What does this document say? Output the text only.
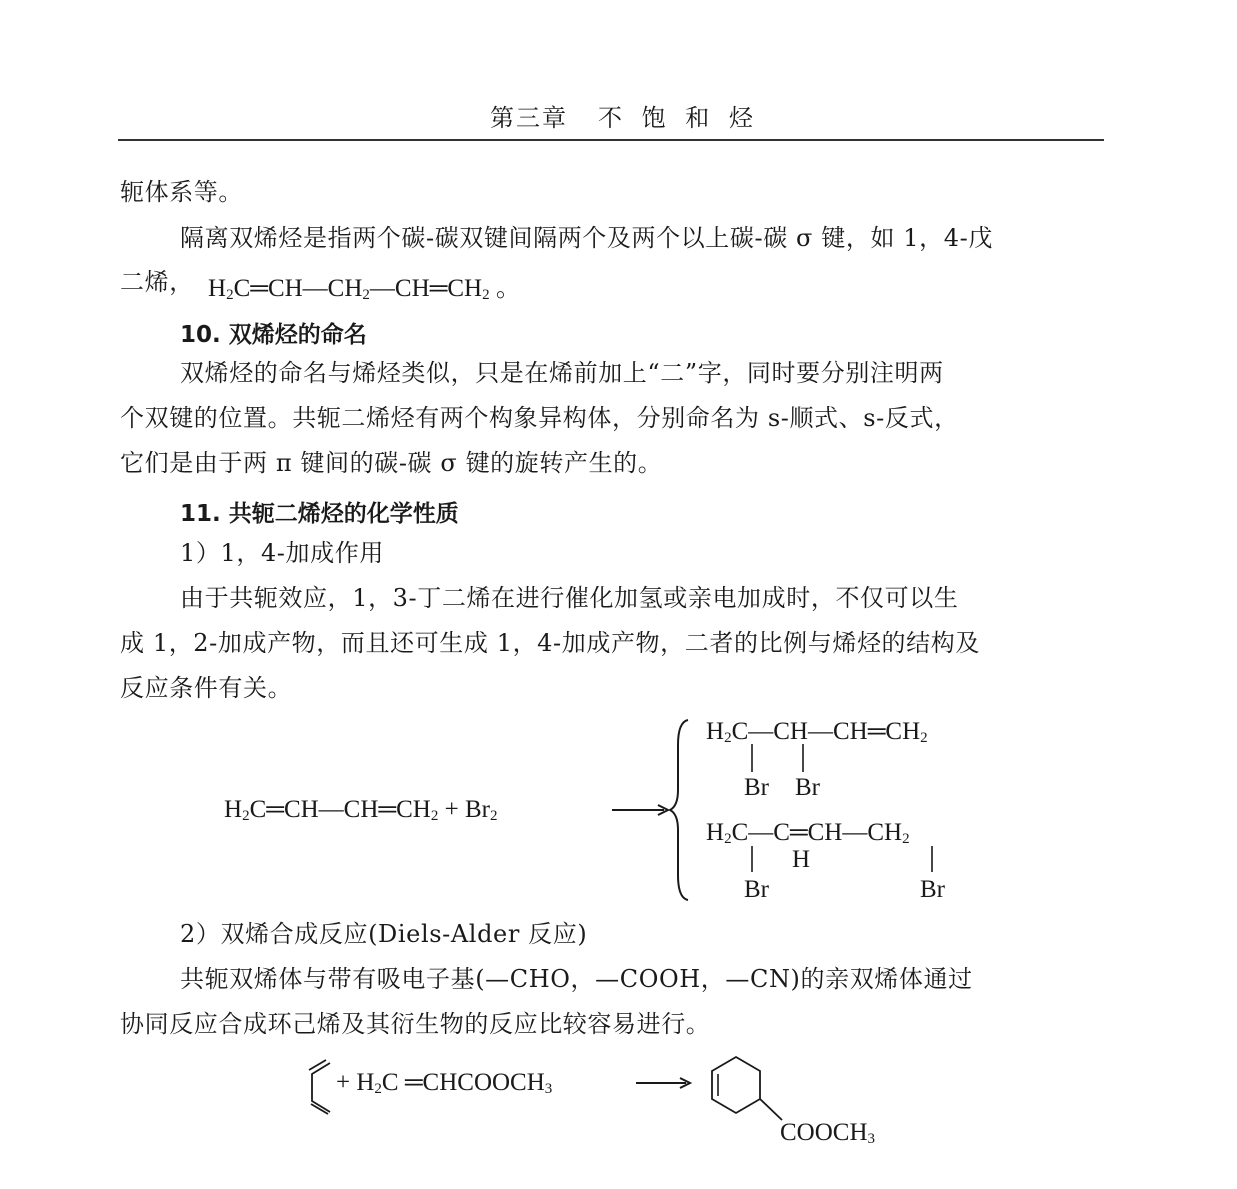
第三章 不 饱 和 烃
轭体系等。
隔离双烯烃是指两个碳-碳双键间隔两个及两个以上碳-碳 σ 键，如 1，4-戊
二烯， $H_2C═CH—CH_2—CH═CH_2$ 。
10. 双烯烃的命名
双烯烃的命名与烯烃类似，只是在烯前加上“二”字，同时要分别注明两
个双键的位置。共轭二烯烃有两个构象异构体，分别命名为 s-顺式、s-反式，
它们是由于两 π 键间的碳-碳 σ 键的旋转产生的。
11. 共轭二烯烃的化学性质
1）1，4-加成作用
由于共轭效应，1，3-丁二烯在进行催化加氢或亲电加成时，不仅可以生
成 1，2-加成产物，而且还可生成 1，4-加成产物，二者的比例与烯烃的结构及
反应条件有关。
$H_2C═CH—CH═CH_2 + Br_2$
$H_2C—CH—CH═CH_2$
Br Br
$H_2C—C═CH—CH_2$
H
Br	Br
2）双烯合成反应(Diels-Alder 反应)
共轭双烯体与带有吸电子基(—CHO，—COOH，—CN)的亲双烯体通过
协同反应合成环己烯及其衍生物的反应比较容易进行。
+ $H_2C$ $═CHCOOCH_3$
$COOCH_3$
